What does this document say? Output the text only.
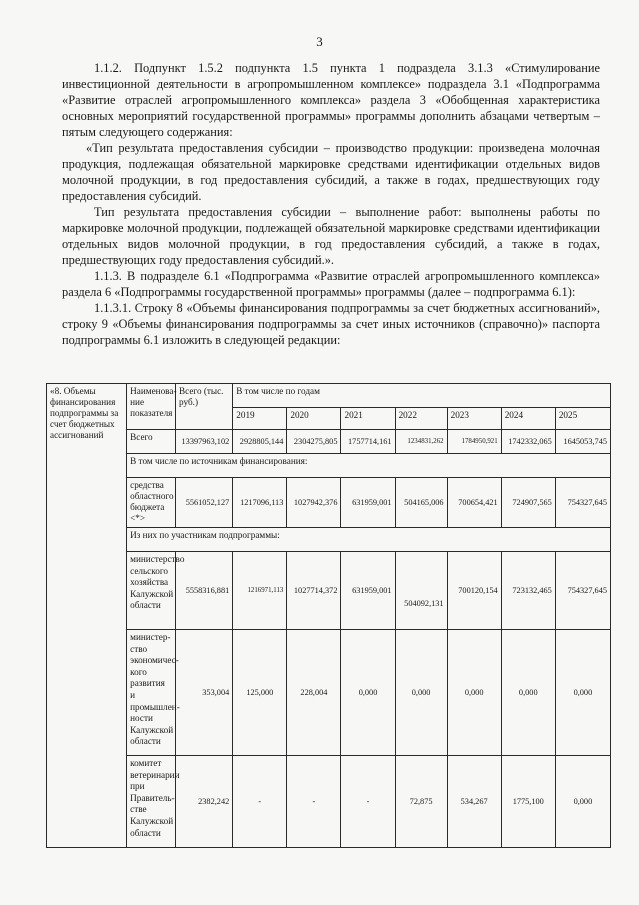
3

1.1.2. Подпункт 1.5.2 подпункта 1.5 пункта 1 подраздела 3.1.3 «Стимулирование инвестиционной деятельности в агропромышленном комплексе» подраздела 3.1 «Подпрограмма «Развитие отраслей агропромышленного комплекса» раздела 3 «Обобщенная характеристика основных мероприятий государственной программы» программы дополнить абзацами четвертым – пятым следующего содержания:

«Тип результата предоставления субсидии – производство продукции: произведена молочная продукция, подлежащая обязательной маркировке средствами идентификации отдельных видов молочной продукции, в год предоставления субсидий, а также в годах, предшествующих году предоставления субсидий.

Тип результата предоставления субсидии – выполнение работ: выполнены работы по маркировке молочной продукции, подлежащей обязательной маркировке средствами идентификации отдельных видов молочной продукции, в год предоставления субсидий, а также в годах, предшествующих году предоставления субсидий.».

1.1.3. В подразделе 6.1 «Подпрограмма «Развитие отраслей агропромышленного комплекса» раздела 6 «Подпрограммы государственной программы» программы (далее – подпрограмма 6.1):

1.1.3.1. Строку 8 «Объемы финансирования подпрограммы за счет бюджетных ассигнований», строку 9 «Объемы финансирования подпрограммы за счет иных источников (справочно)» паспорта подпрограммы 6.1 изложить в следующей редакции:

«8. Объемы финансирования подпрограммы за счет бюджетных ассигнований	Наименова-ние показателя	Всего (тыс. руб.)	В том числе по годам						
			2019	2020	2021	2022	2023	2024	2025
	Всего	13397963,102	2928805,144	2304275,805	1757714,161	1234831,262	1784950,921	1742332,065	1645053,745
	В том числе по источникам финансирования:								
	средства областного бюджета <*>	5561052,127	1217096,113	1027942,376	631959,001	504165,006	700654,421	724907,565	754327,645
	Из них по участникам подпрограммы:								
	министерство сельского хозяйства Калужской области	5558316,881	1216971,113	1027714,372	631959,001	504092,131	700120,154	723132,465	754327,645
	министер-ство экономичес-кого развития и промышлен-ности Калужской области	353,004	125,000	228,004	0,000	0,000	0,000	0,000	0,000
	комитет ветеринарии при Правитель-стве Калужской области	2382,242	-	-	-	72,875	534,267	1775,100	0,000
